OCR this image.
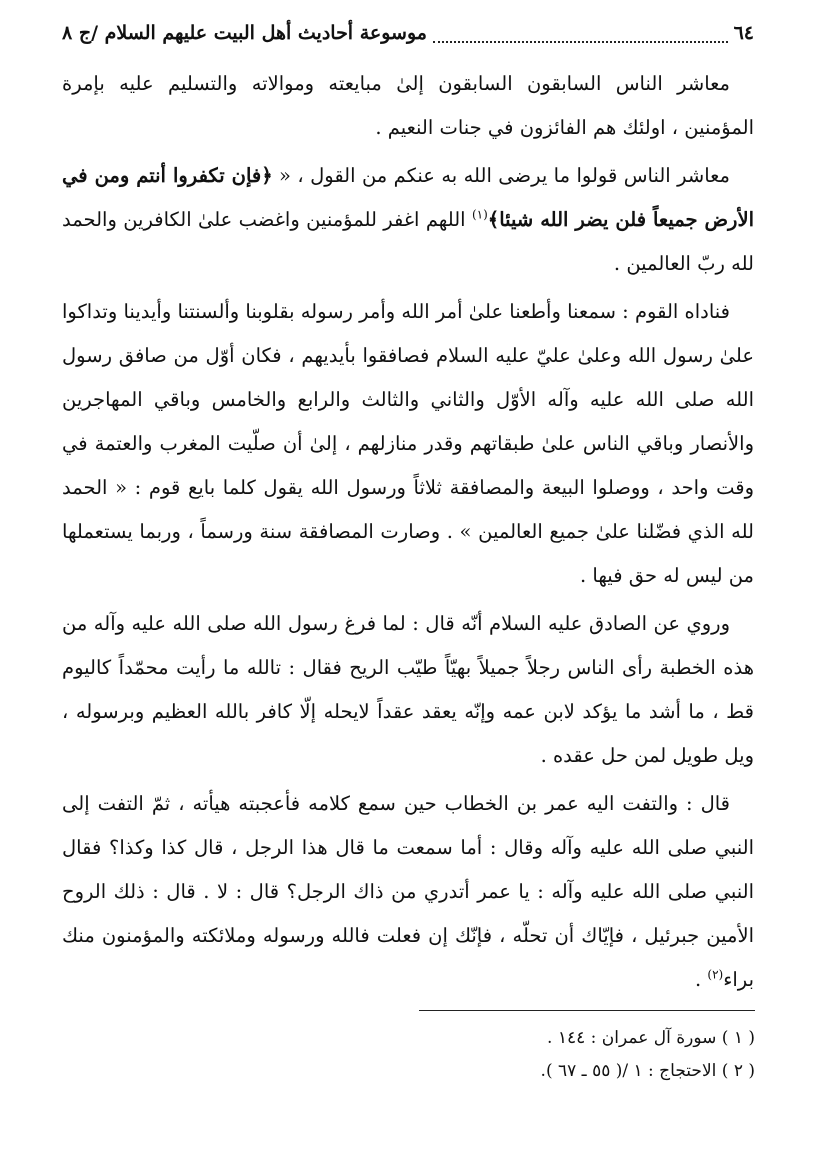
٦٤
موسوعة أحاديث أهل البيت عليهم السلام /ج ٨

معاشر الناس السابقون السابقون إلىٰ مبايعته وموالاته والتسليم عليه بإمرة المؤمنين ، اولئك هم الفائزون في جنات النعيم .

معاشر الناس قولوا ما يرضى الله به عنكم من القول ، « ﴿فإن تكفروا أنتم ومن في الأرض جميعاً فلن يضر الله شيئا﴾$^{(١)}$ اللهم اغفر للمؤمنين واغضب علىٰ الكافرين والحمد لله ربّ العالمين .

فناداه القوم : سمعنا وأطعنا علىٰ أمر الله وأمر رسوله بقلوبنا وألسنتنا وأيدينا وتداكوا علىٰ رسول الله وعلىٰ عليّ عليه السلام فصافقوا بأيديهم ، فكان أوّل من صافق رسول الله صلى الله عليه وآله الأوّل والثاني والثالث والرابع والخامس وباقي المهاجرين والأنصار وباقي الناس علىٰ طبقاتهم وقدر منازلهم ، إلىٰ أن صلّيت المغرب والعتمة في وقت واحد ، ووصلوا البيعة والمصافقة ثلاثاً ورسول الله يقول كلما بايع قوم : « الحمد لله الذي فضّلنا علىٰ جميع العالمين » . وصارت المصافقة سنة ورسماً ، وربما يستعملها من ليس له حق فيها .

وروي عن الصادق عليه السلام أنّه قال : لما فرغ رسول الله صلى الله عليه وآله من هذه الخطبة رأى الناس رجلاً جميلاً بهيّاً طيّب الريح فقال : تالله ما رأيت محمّداً كاليوم قط ، ما أشد ما يؤكد لابن عمه وإنّه يعقد عقداً لايحله إلّا كافر بالله العظيم وبرسوله ، ويل طويل لمن حل عقده .

قال : والتفت اليه عمر بن الخطاب حين سمع كلامه فأعجبته هيأته ، ثمّ التفت إلى النبي صلى الله عليه وآله وقال : أما سمعت ما قال هذا الرجل ، قال كذا وكذا؟ فقال النبي صلى الله عليه وآله : يا عمر أتدري من ذاك الرجل؟ قال : لا . قال : ذلك الروح الأمين جبرئيل ، فإيّاك أن تحلّه ، فإنّك إن فعلت فالله ورسوله وملائكته والمؤمنون منك براء$^{(٢)}$ .

( ١ ) سورة آل عمران : ١٤٤ .
( ٢ ) الاحتجاج : ١ /( ٥٥ ـ ٦٧ ).
